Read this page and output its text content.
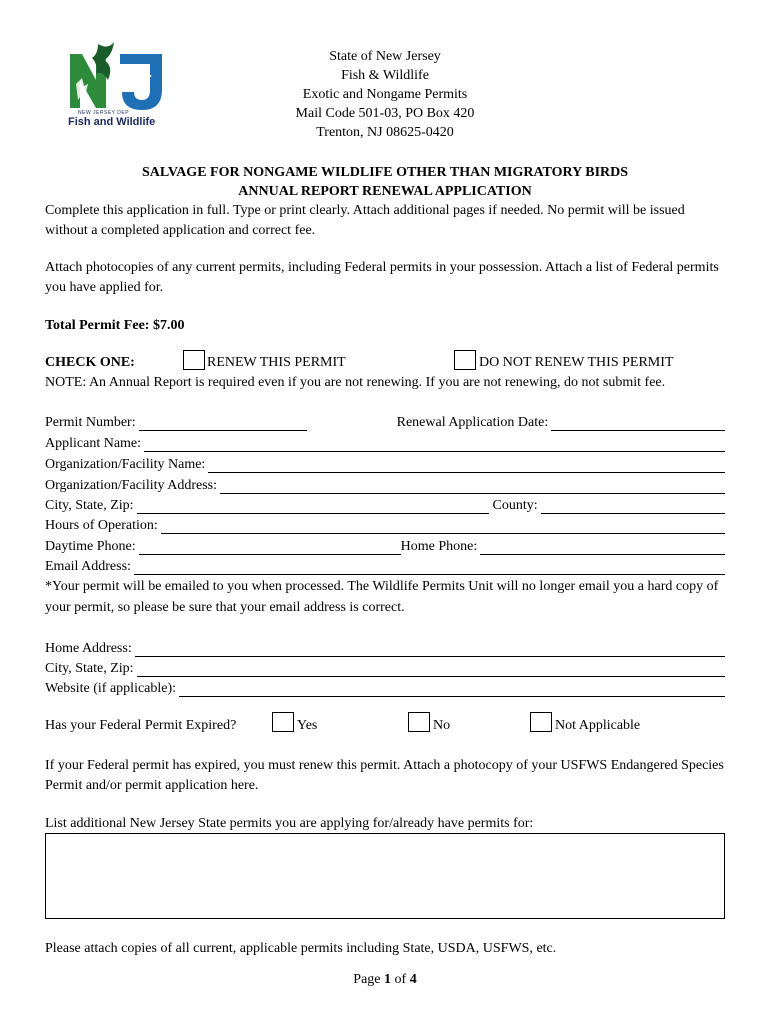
NEW JERSEY DEP
Fish and Wildlife
State of New Jersey
Fish & Wildlife
Exotic and Nongame Permits
Mail Code 501-03, PO Box 420
Trenton, NJ 08625-0420
SALVAGE FOR NONGAME WILDLIFE OTHER THAN MIGRATORY BIRDS
ANNUAL REPORT RENEWAL APPLICATION
Complete this application in full. Type or print clearly. Attach additional pages if needed. No permit will be issued without a completed application and correct fee.
Attach photocopies of any current permits, including Federal permits in your possession. Attach a list of Federal permits you have applied for.
Total Permit Fee: $7.00
CHECK ONE:	RENEW THIS PERMIT	DO NOT RENEW THIS PERMIT
NOTE: An Annual Report is required even if you are not renewing. If you are not renewing, do not submit fee.
Permit Number:	Renewal Application Date:
Applicant Name:
Organization/Facility Name:
Organization/Facility Address:
City, State, Zip:	County:
Hours of Operation:
Daytime Phone:	Home Phone:
Email Address:
*Your permit will be emailed to you when processed. The Wildlife Permits Unit will no longer email you a hard copy of your permit, so please be sure that your email address is correct.
Home Address:
City, State, Zip:
Website (if applicable):
Has your Federal Permit Expired?	Yes	No	Not Applicable
If your Federal permit has expired, you must renew this permit. Attach a photocopy of your USFWS Endangered Species Permit and/or permit application here.
List additional New Jersey State permits you are applying for/already have permits for:
Please attach copies of all current, applicable permits including State, USDA, USFWS, etc.
Page 1 of 4
